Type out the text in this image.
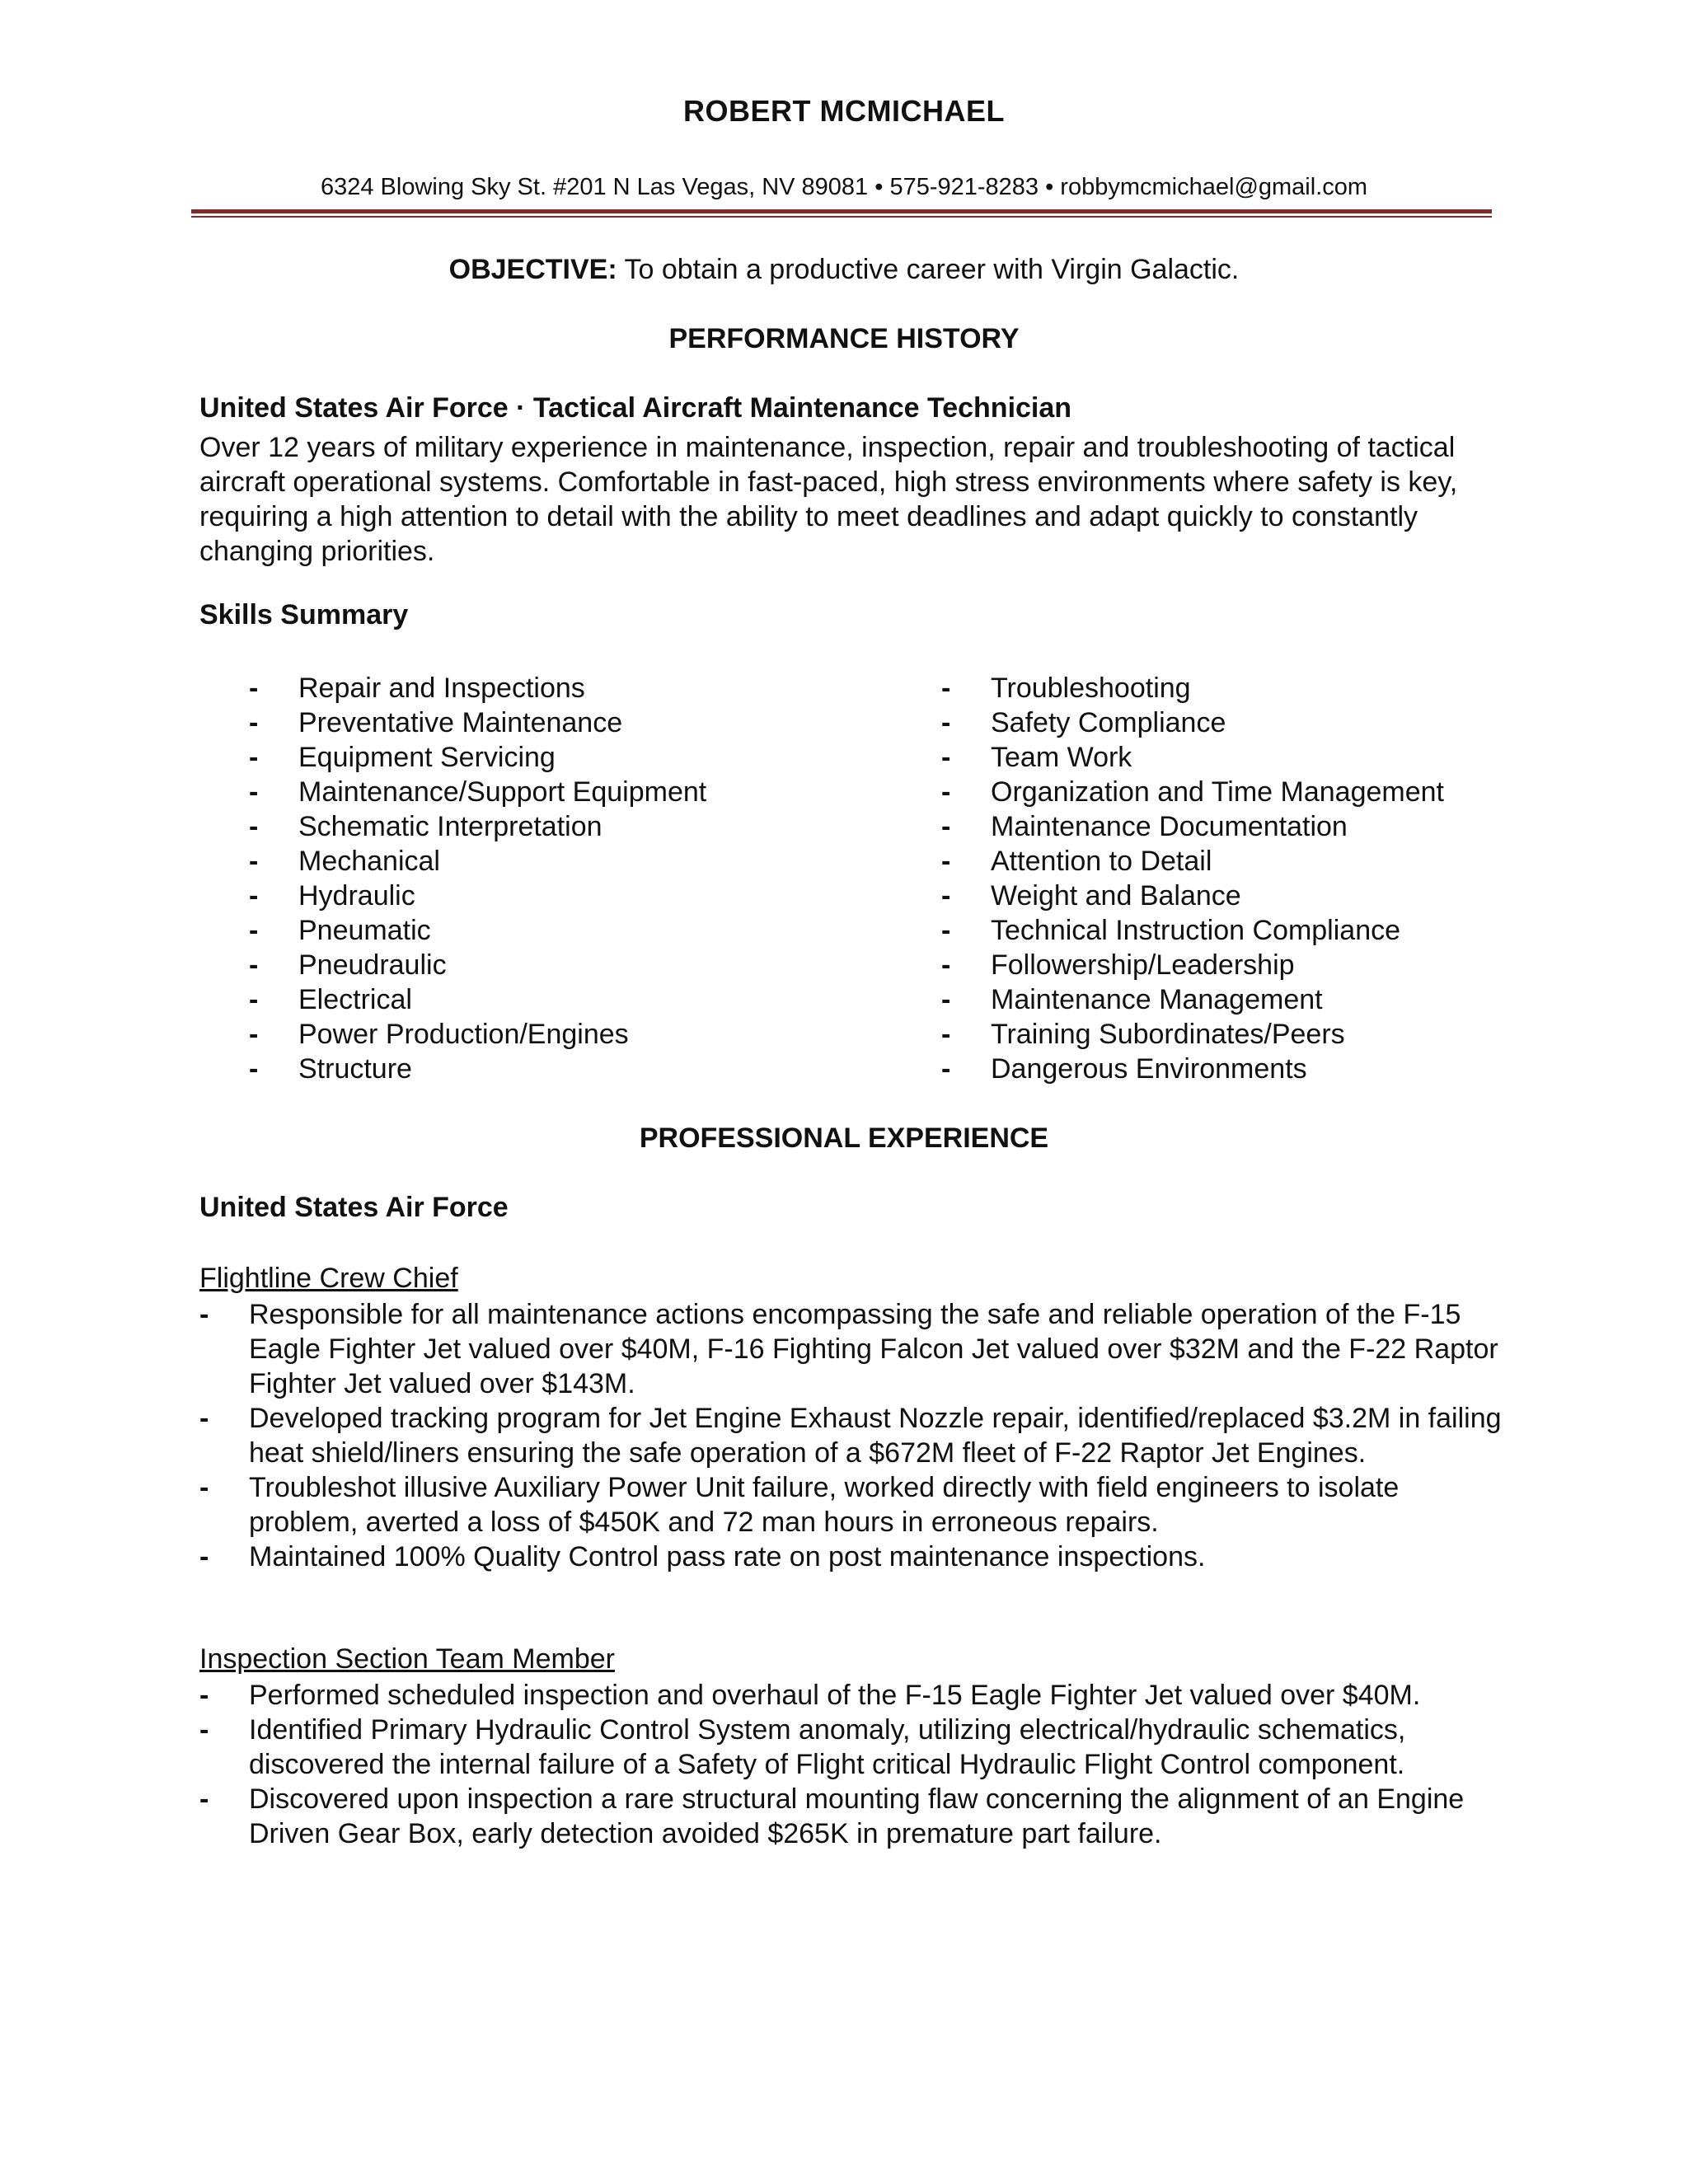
ROBERT MCMICHAEL
6324 Blowing Sky St. #201 N Las Vegas, NV 89081 • 575-921-8283 • robbymcmichael@gmail.com
OBJECTIVE: To obtain a productive career with Virgin Galactic.
PERFORMANCE HISTORY
United States Air Force · Tactical Aircraft Maintenance Technician
Over 12 years of military experience in maintenance, inspection, repair and troubleshooting of tactical aircraft operational systems. Comfortable in fast-paced, high stress environments where safety is key, requiring a high attention to detail with the ability to meet deadlines and adapt quickly to constantly changing priorities.
Skills Summary
- Repair and Inspections
- Preventative Maintenance
- Equipment Servicing
- Maintenance/Support Equipment
- Schematic Interpretation
- Mechanical
- Hydraulic
- Pneumatic
- Pneudraulic
- Electrical
- Power Production/Engines
- Structure
- Troubleshooting
- Safety Compliance
- Team Work
- Organization and Time Management
- Maintenance Documentation
- Attention to Detail
- Weight and Balance
- Technical Instruction Compliance
- Followership/Leadership
- Maintenance Management
- Training Subordinates/Peers
- Dangerous Environments
PROFESSIONAL EXPERIENCE
United States Air Force
Flightline Crew Chief
- Responsible for all maintenance actions encompassing the safe and reliable operation of the F-15 Eagle Fighter Jet valued over $40M, F-16 Fighting Falcon Jet valued over $32M and the F-22 Raptor Fighter Jet valued over $143M.
- Developed tracking program for Jet Engine Exhaust Nozzle repair, identified/replaced $3.2M in failing heat shield/liners ensuring the safe operation of a $672M fleet of F-22 Raptor Jet Engines.
- Troubleshot illusive Auxiliary Power Unit failure, worked directly with field engineers to isolate problem, averted a loss of $450K and 72 man hours in erroneous repairs.
- Maintained 100% Quality Control pass rate on post maintenance inspections.
Inspection Section Team Member
- Performed scheduled inspection and overhaul of the F-15 Eagle Fighter Jet valued over $40M.
- Identified Primary Hydraulic Control System anomaly, utilizing electrical/hydraulic schematics, discovered the internal failure of a Safety of Flight critical Hydraulic Flight Control component.
- Discovered upon inspection a rare structural mounting flaw concerning the alignment of an Engine Driven Gear Box, early detection avoided $265K in premature part failure.
